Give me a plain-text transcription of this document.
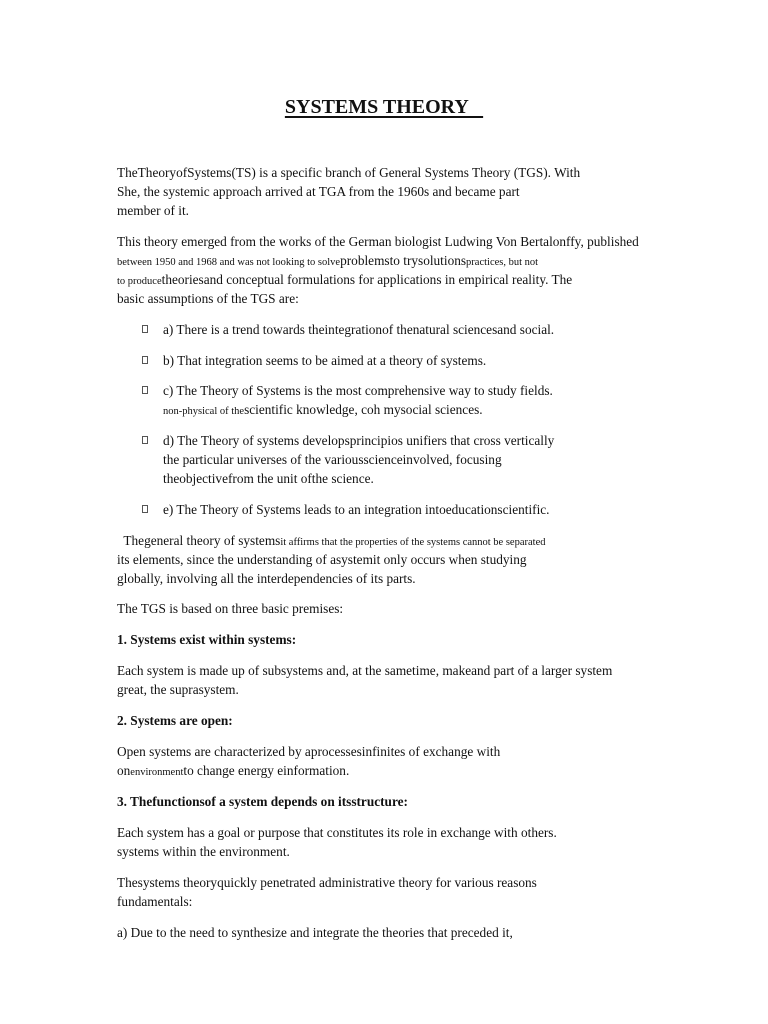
SYSTEMS THEORY
TheTheoryofSystems(TS) is a specific branch of General Systems Theory (TGS). With
She, the systemic approach arrived at TGA from the 1960s and became part
member of it.
This theory emerged from the works of the German biologist Ludwing Von Bertalonffy, published
between 1950 and 1968 and was not looking to solveproblemsto trysolutionspractices, but not
to producetheoriesand conceptual formulations for applications in empirical reality. The
basic assumptions of the TGS are:
a) There is a trend towards theintegrationof thenatural sciencesand social.
b) That integration seems to be aimed at a theory of systems.
c) The Theory of Systems is the most comprehensive way to study fields.
non-physical of thescientific knowledge, coh mysocial sciences.
d) The Theory of systems developsprincipios unifiers that cross vertically
the particular universes of the variousscienceinvolved, focusing
theobjectivefrom the unit ofthe science.
e) The Theory of Systems leads to an integration intoeducationscientific.
Thegeneral theory of systemsit affirms that the properties of the systems cannot be separated
its elements, since the understanding of asystemit only occurs when studying
globally, involving all the interdependencies of its parts.
The TGS is based on three basic premises:
1. Systems exist within systems:
Each system is made up of subsystems and, at the sametime, makeand part of a larger system
great, the suprasystem.
2. Systems are open:
Open systems are characterized by aprocessesinfinites of exchange with
onenvironmentto change energy einformation.
3. Thefunctionsof a system depends on itsstructure:
Each system has a goal or purpose that constitutes its role in exchange with others.
systems within the environment.
Thesystems theoryquickly penetrated administrative theory for various reasons
fundamentals:
a) Due to the need to synthesize and integrate the theories that preceded it,
